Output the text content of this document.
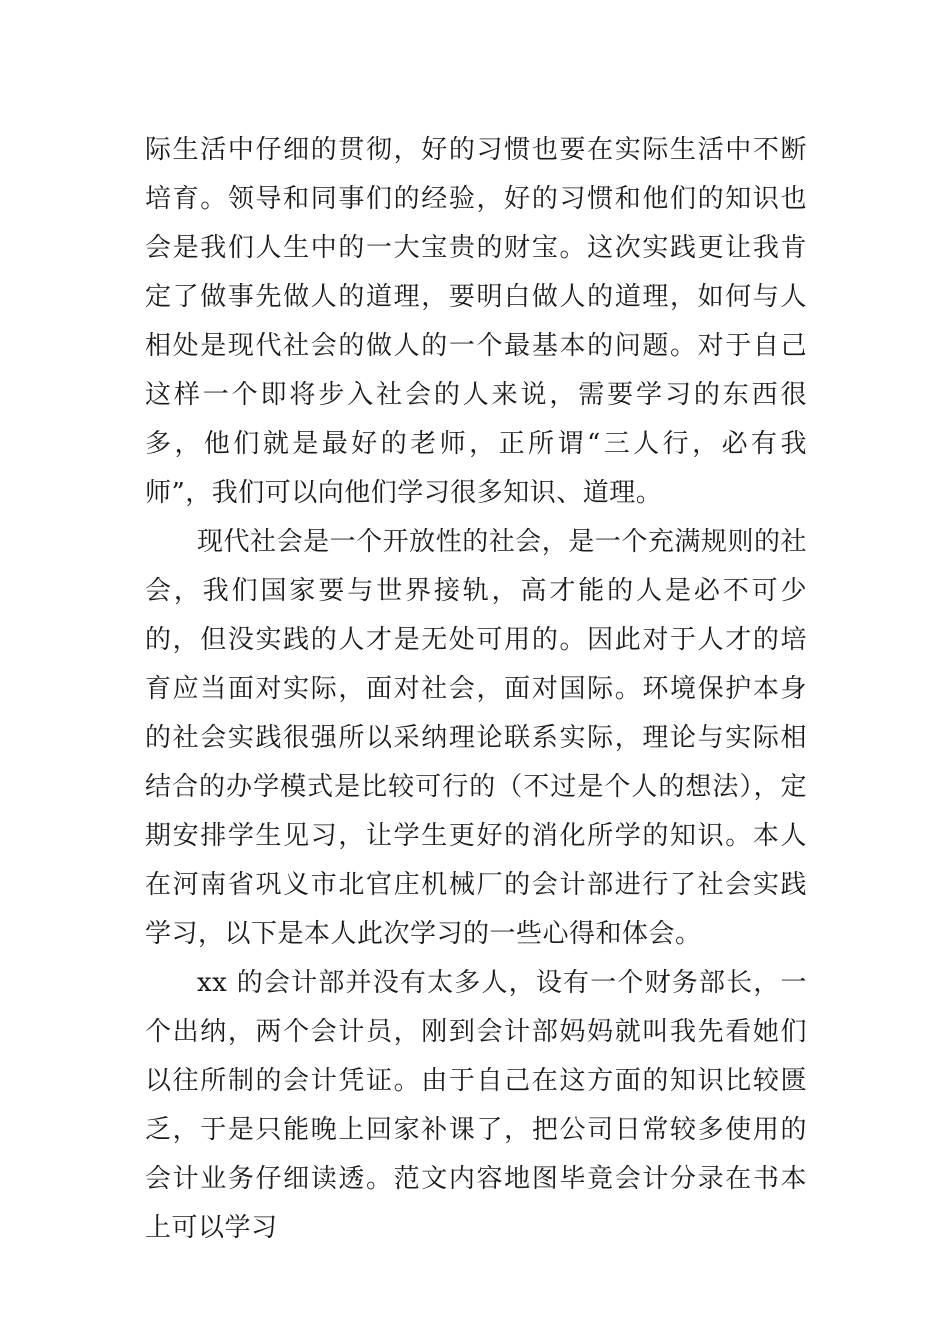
际生活中仔细的贯彻，好的习惯也要在实际生活中不断培育。领导和同事们的经验，好的习惯和他们的知识也会是我们人生中的一大宝贵的财宝。这次实践更让我肯定了做事先做人的道理，要明白做人的道理，如何与人相处是现代社会的做人的一个最基本的问题。对于自己这样一个即将步入社会的人来说，需要学习的东西很多，他们就是最好的老师，正所谓“三人行，必有我师”，我们可以向他们学习很多知识、道理。

现代社会是一个开放性的社会，是一个充满规则的社会，我们国家要与世界接轨，高才能的人是必不可少的，但没实践的人才是无处可用的。因此对于人才的培育应当面对实际，面对社会，面对国际。环境保护本身的社会实践很强所以采纳理论联系实际，理论与实际相结合的办学模式是比较可行的（不过是个人的想法），定期安排学生见习，让学生更好的消化所学的知识。本人在河南省巩义市北官庄机械厂的会计部进行了社会实践学习，以下是本人此次学习的一些心得和体会。

xx 的会计部并没有太多人，设有一个财务部长，一个出纳，两个会计员，刚到会计部妈妈就叫我先看她们以往所制的会计凭证。由于自己在这方面的知识比较匮乏，于是只能晚上回家补课了，把公司日常较多使用的会计业务仔细读透。范文内容地图毕竟会计分录在书本上可以学习
